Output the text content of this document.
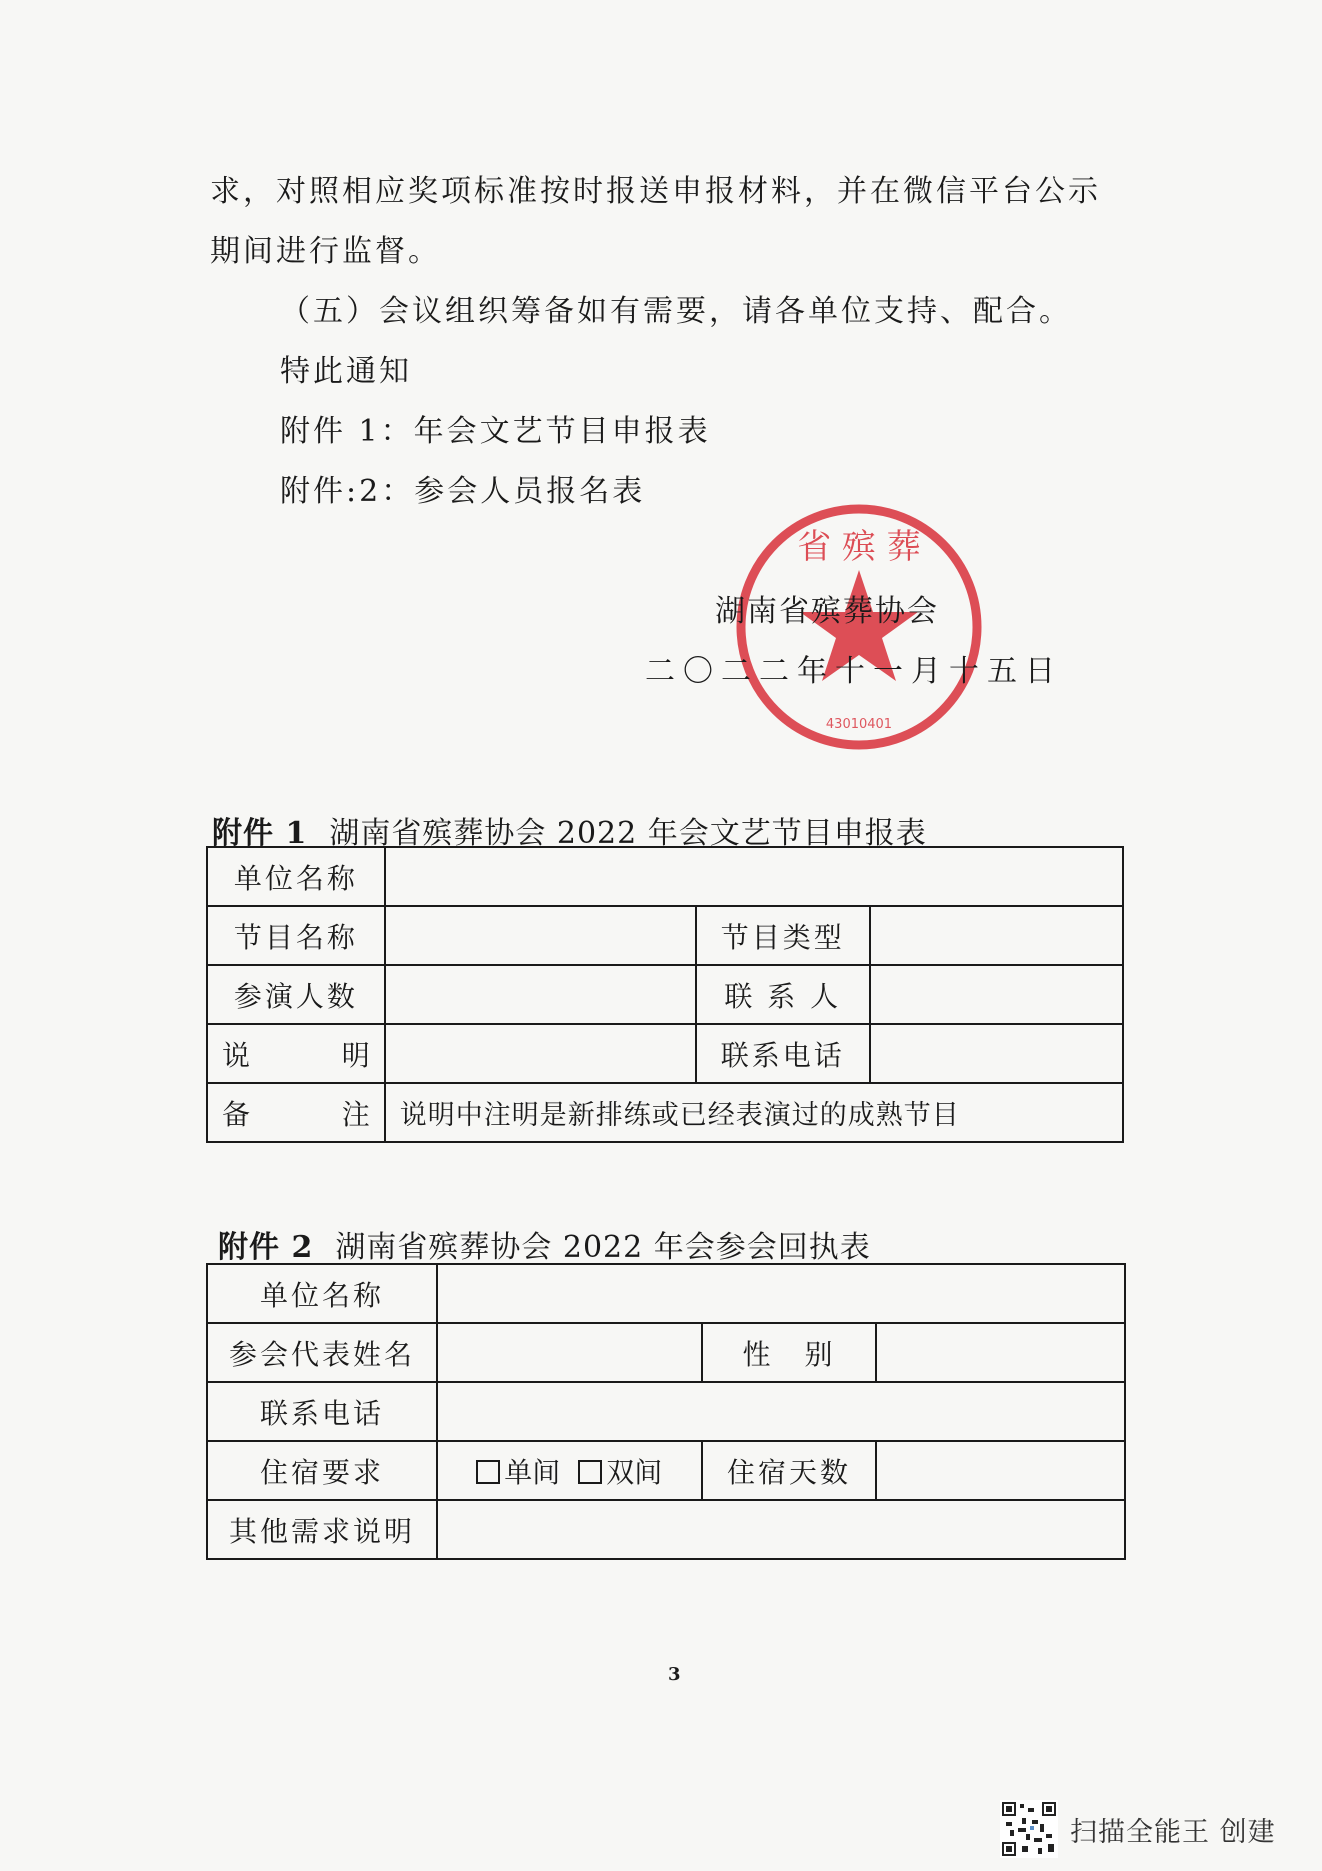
求，对照相应奖项标准按时报送申报材料，并在微信平台公示
期间进行监督。
（五）会议组织筹备如有需要，请各单位支持、配合。
特此通知
附件 1：年会文艺节目申报表
附件:2：参会人员报名表
省 殡 葬
43010401
湖南省殡葬协会
二〇二二年十一月十五日
附件 1 湖南省殡葬协会 2022 年会文艺节目申报表
单位名称			
节目名称		节目类型	
参演人数		联 系 人	

说 明		联系电话	

备 注	说明中注明是新排练或已经表演过的成熟节目		
附件 2 湖南省殡葬协会 2022 年会参会回执表
单位名称			
参会代表姓名		性　别	
联系电话			
住宿要求	单间 双间	住宿天数	
其他需求说明			
3
扫描全能王 创建
